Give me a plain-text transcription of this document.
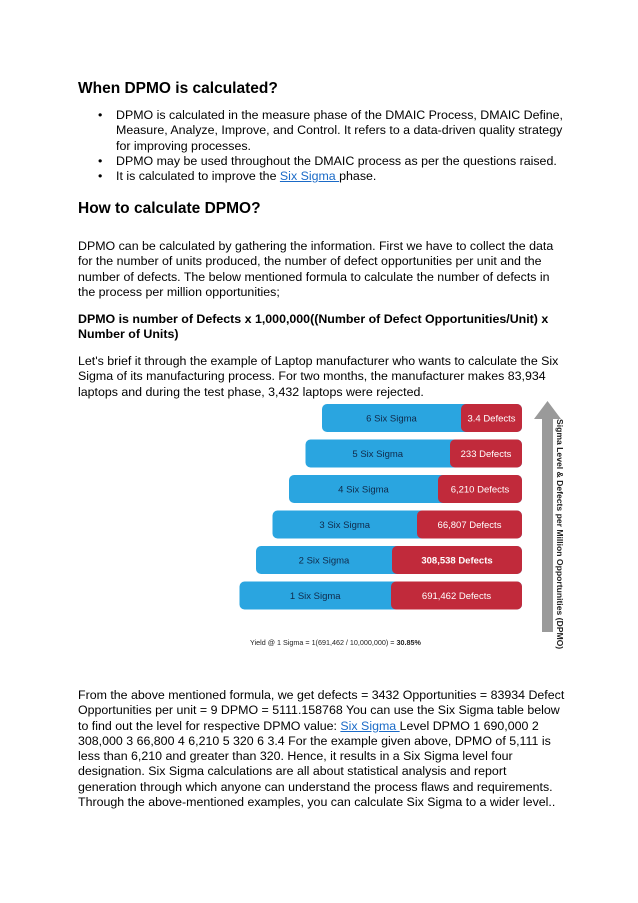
When DPMO is calculated?
• DPMO is calculated in the measure phase of the DMAIC Process, DMAIC Define, Measure, Analyze, Improve, and Control. It refers to a data-driven quality strategy for improving processes.
• DPMO may be used throughout the DMAIC process as per the questions raised.
• It is calculated to improve the Six Sigma phase.
How to calculate DPMO?

DPMO can be calculated by gathering the information. First we have to collect the data for the number of units produced, the number of defect opportunities per unit and the number of defects. The below mentioned formula to calculate the number of defects in the process per million opportunities;

DPMO is number of Defects x 1,000,000((Number of Defect Opportunities/Unit) x Number of Units)

Let's brief it through the example of Laptop manufacturer who wants to calculate the Six Sigma of its manufacturing process. For two months, the manufacturer makes 83,934 laptops and during the test phase, 3,432 laptops were rejected.

6 Six Sigma	3.4 Defects
5 Six Sigma	233 Defects
4 Six Sigma	6,210 Defects
3 Six Sigma	66,807 Defects
2 Six Sigma	308,538 Defects
1 Six Sigma	691,462 Defects	Sigma Level & Defects per Million Opportunities (DPMO)
Yield @ 1 Sigma = 1(691,462 / 10,000,000) = 30.85%

From the above mentioned formula, we get defects = 3432 Opportunities = 83934 Defect Opportunities per unit = 9 DPMO = 5111.158768 You can use the Six Sigma table below to find out the level for respective DPMO value: Six Sigma Level DPMO 1 690,000 2 308,000 3 66,800 4 6,210 5 320 6 3.4 For the example given above, DPMO of 5,111 is less than 6,210 and greater than 320. Hence, it results in a Six Sigma level four designation. Six Sigma calculations are all about statistical analysis and report generation through which anyone can understand the process flaws and requirements. Through the above-mentioned examples, you can calculate Six Sigma to a wider level..
